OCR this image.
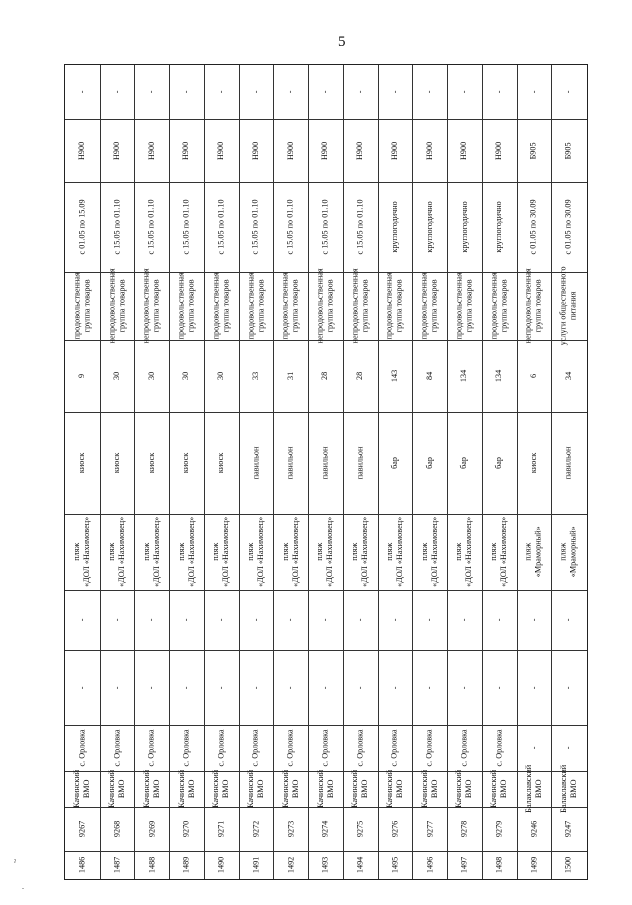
5
ˀ
.
-
Н900
с 01.05 по 15.09
продовольственная
группа товаров
9
киоск
пляж
«ДОЛ «Нахимовец»
-
-
с. Орловка
Качинский
ВМО
9267
1486
-
Н900
с 15.05 по 01.10
непродовольственная
группа товаров
30
киоск
пляж
«ДОЛ «Нахимовец»
-
-
с. Орловка
Качинский
ВМО
9268
1487
-
Н900
с 15.05 по 01.10
непродовольственная
группа товаров
30
киоск
пляж
«ДОЛ «Нахимовец»
-
-
с. Орловка
Качинский
ВМО
9269
1488
-
Н900
с 15.05 по 01.10
продовольственная
группа товаров
30
киоск
пляж
«ДОЛ «Нахимовец»
-
-
с. Орловка
Качинский
ВМО
9270
1489
-
Н900
с 15.05 по 01.10
продовольственная
группа товаров
30
киоск
пляж
«ДОЛ «Нахимовец»
-
-
с. Орловка
Качинский
ВМО
9271
1490
-
Н900
с 15.05 по 01.10
продовольственная
группа товаров
33
павильон
пляж
«ДОЛ «Нахимовец»
-
-
с. Орловка
Качинский
ВМО
9272
1491
-
Н900
с 15.05 по 01.10
продовольственная
группа товаров
31
павильон
пляж
«ДОЛ «Нахимовец»
-
-
с. Орловка
Качинский
ВМО
9273
1492
-
Н900
с 15.05 по 01.10
непродовольственная
группа товаров
28
павильон
пляж
«ДОЛ «Нахимовец»
-
-
с. Орловка
Качинский
ВМО
9274
1493
-
Н900
с 15.05 по 01.10
непродовольственная
группа товаров
28
павильон
пляж
«ДОЛ «Нахимовец»
-
-
с. Орловка
Качинский
ВМО
9275
1494
-
Н900
круглогодично
продовольственная
группа товаров
143
бар
пляж
«ДОЛ «Нахимовец»
-
-
с. Орловка
Качинский
ВМО
9276
1495
-
Н900
круглогодично
продовольственная
группа товаров
84
бар
пляж
«ДОЛ «Нахимовец»
-
-
с. Орловка
Качинский
ВМО
9277
1496
-
Н900
круглогодично
продовольственная
группа товаров
134
бар
пляж
«ДОЛ «Нахимовец»
-
-
с. Орловка
Качинский
ВМО
9278
1497
-
Н900
круглогодично
продовольственная
группа товаров
134
бар
пляж
«ДОЛ «Нахимовец»
-
-
с. Орловка
Качинский
ВМО
9279
1498
-
Б905
с 01.05 по 30.09
непродовольственная
группа товаров
6
киоск
пляж
«Мраморный»
-
-
-
Балаклавский
ВМО
9246
1499
-
Б905
с 01.05 по 30.09
услуги общественного
питания
34
павильон
пляж
«Мраморный»
-
-
-
Балаклавский
ВМО
9247
1500
